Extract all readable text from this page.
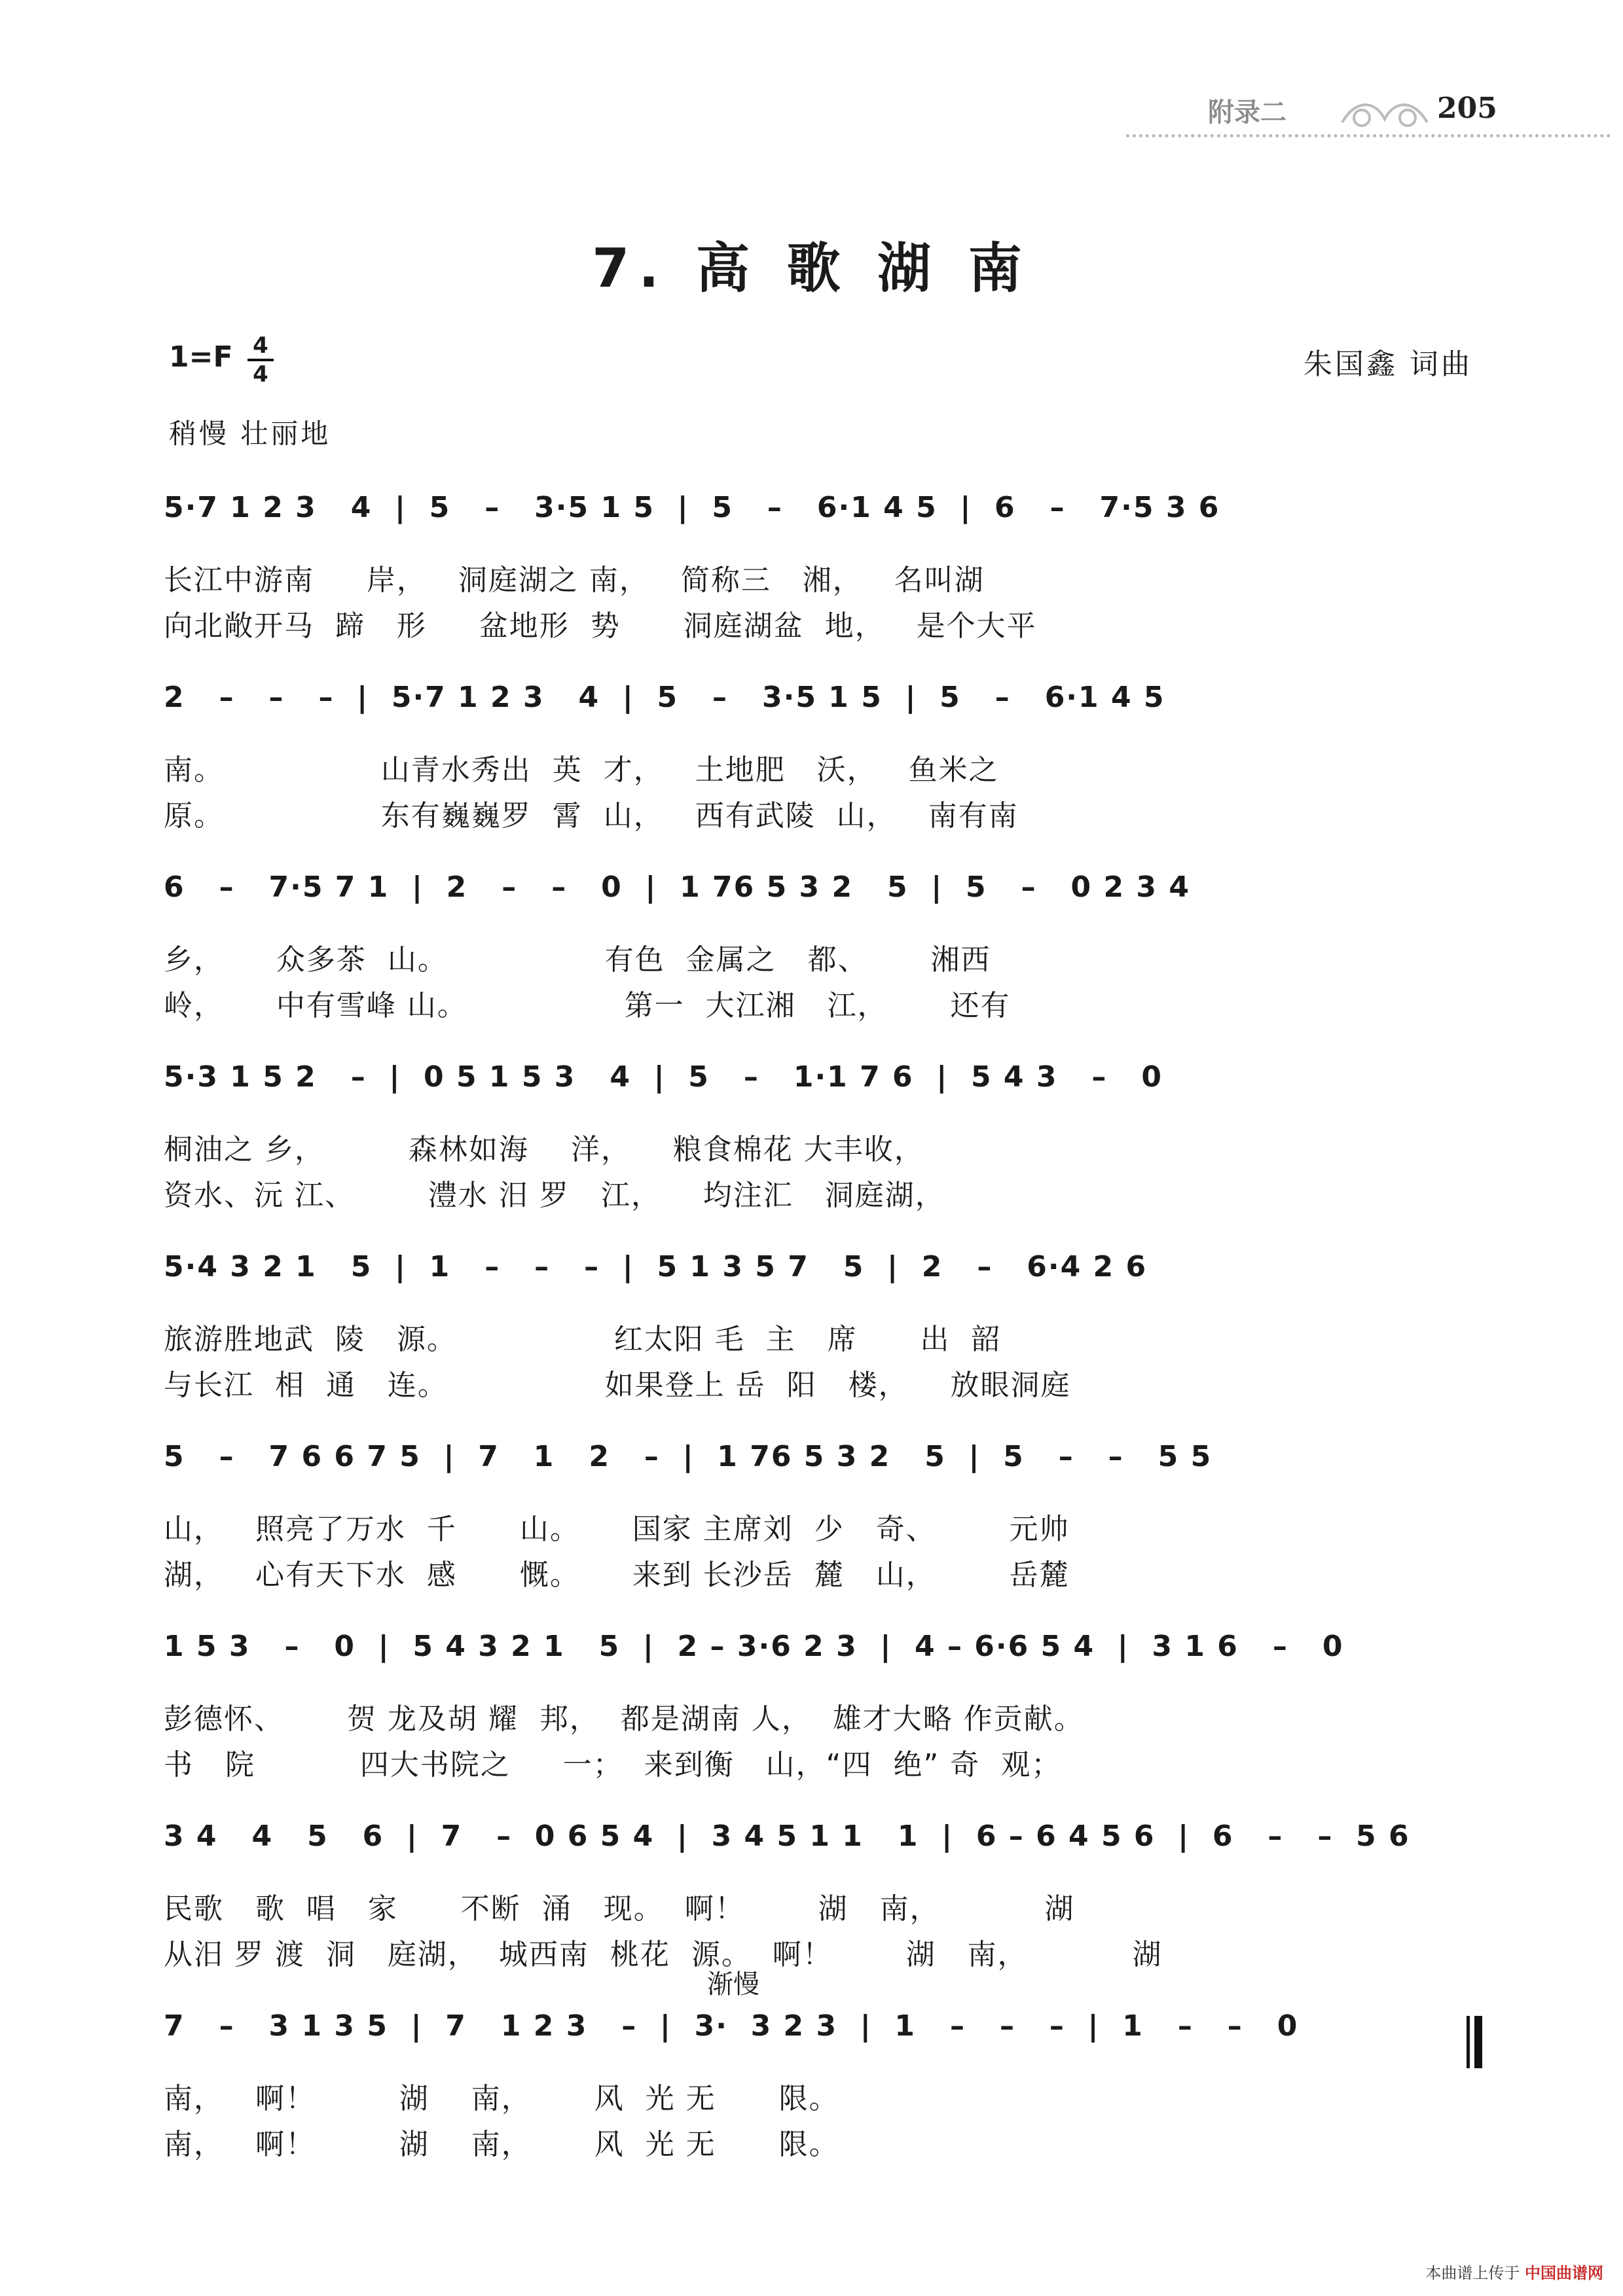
附录二	205
7. 高 歌 湖 南
1=F 4
4	朱国鑫 词曲
稍慢 壮丽地
5·7 1 2 3   4  |  5   –   3·5 1 5  |  5   –   6·1 4 5  |  6   –   7·5 3 6
长江中游南     岸，   洞庭湖之 南，   简称三   湘，   名叫湖
向北敞开马  蹄   形     盆地形  势      洞庭湖盆  地，   是个大平
2   –   –   –  |  5·7 1 2 3   4  |  5   –   3·5 1 5  |  5   –   6·1 4 5
南。               山青水秀出  英  才，   土地肥   沃，   鱼米之
原。               东有巍巍罗  霄  山，   西有武陵  山，   南有南
6   –   7·5 7 1  |  2   –   –   0  |  1 76 5 3 2   5  |  5   –   0 2 3 4
乡，     众多茶  山。               有色  金属之   都、      湘西
岭，     中有雪峰 山。               第一  大江湘   江，      还有
5·3 1 5 2   –  |  0 5 1 5 3   4  |  5   –   1·1 7 6  |  5 4 3   –   0
桐油之 乡，        森林如海    洋，    粮食棉花 大丰收，
资水、沅 江、       澧水 汨 罗   江，    均注汇   洞庭湖，
5·4 3 2 1   5  |  1   –   –   –  |  5 1 3 5 7   5  |  2   –   6·4 2 6
旅游胜地武  陵   源。               红太阳 毛  主   席      出  韶
与长江  相  通   连。               如果登上 岳  阳   楼，    放眼洞庭
5   –   7 6 6 7 5  |  7   1   2   –  |  1 76 5 3 2   5  |  5   –   –   5 5
山，   照亮了万水  千      山。     国家 主席刘  少   奇、       元帅
湖，   心有天下水  感      慨。     来到 长沙岳  麓   山，       岳麓
1 5 3   –   0  |  5 4 3 2 1   5  |  2 – 3·6 2 3  |  4 – 6·6 5 4  |  3 1 6   –   0
彭德怀、      贺 龙及胡 耀  邦，  都是湖南 人，  雄才大略 作贡献。
书   院          四大书院之     一；  来到衡   山，“四  绝” 奇  观；
3 4   4   5   6  |  7   –  0 6 5 4  |  3 4 5 1 1   1  |  6 – 6 4 5 6  |  6   –   –  5 6
民歌   歌  唱   家      不断  涌   现。  啊！       湖   南，          湖
从汨 罗 渡  洞   庭湖，  城西南  桃花  源。  啊！       湖   南，          湖
渐慢
7   –   3 1 3 5  |  7   1 2 3   –  |  3·  3 2 3  |  1   –   –   –  |  1   –   –   0
南，   啊！        湖    南，      风  光 无      限。
南，   啊！        湖    南，      风  光 无      限。
本曲谱上传于 中国曲谱网
